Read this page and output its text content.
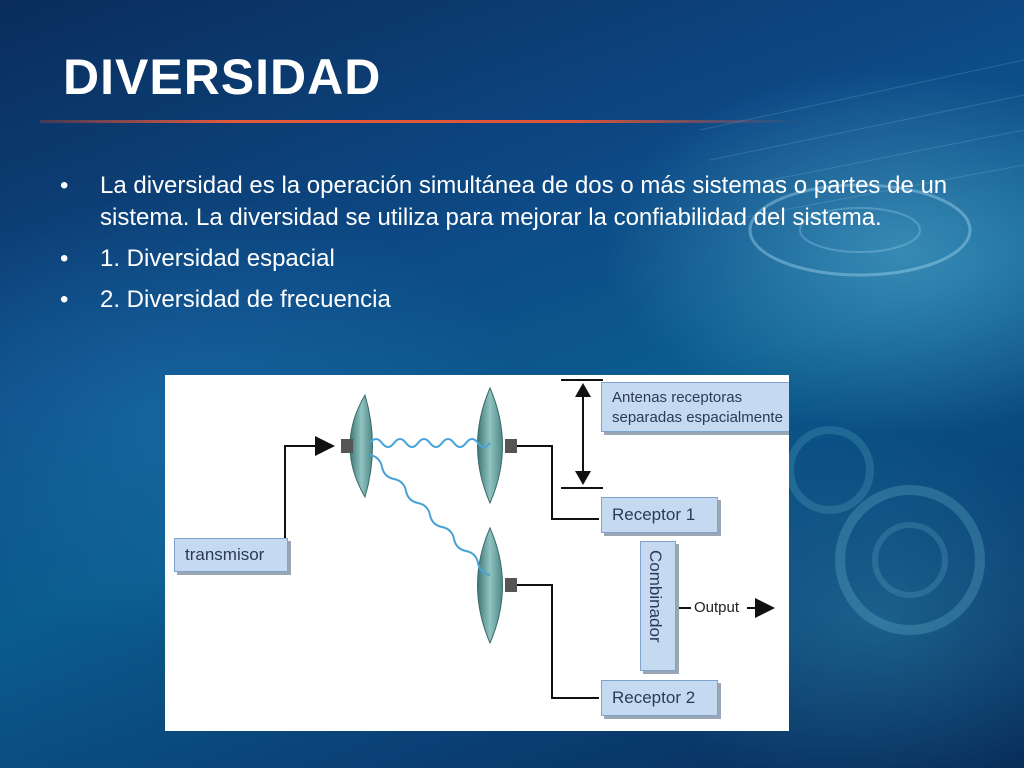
DIVERSIDAD
• La diversidad es la operación simultánea de dos o más sistemas o partes de un sistema. La diversidad se utiliza para mejorar la confiabilidad del sistema.
• 1. Diversidad espacial
• 2. Diversidad de frecuencia
transmisor
Antenas receptoras
separadas espacialmente
Receptor 1
Receptor 2
Combinador Output
